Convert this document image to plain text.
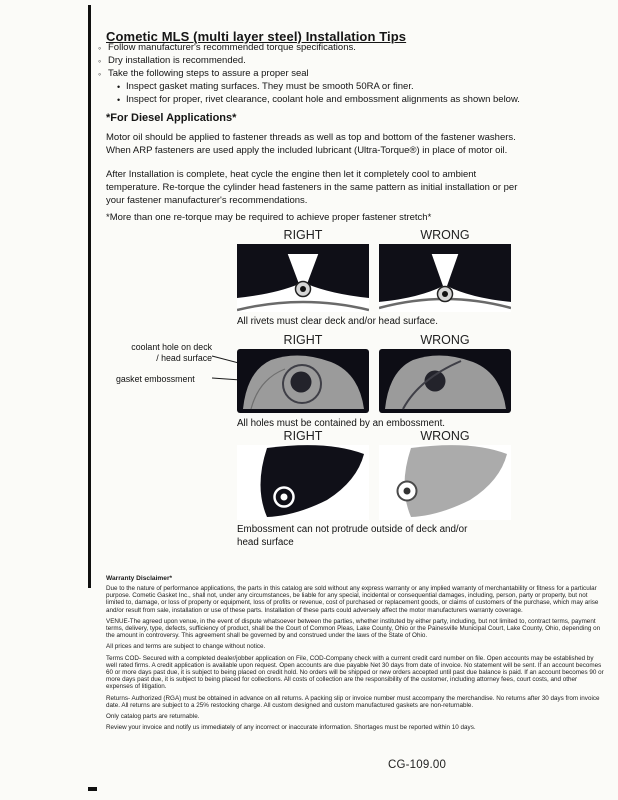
Cometic MLS (multi layer steel) Installation Tips
◦ Follow manufacturer's recommended torque specifications.
◦ Dry installation is recommended.
◦ Take the following steps to assure a proper seal
• Inspect gasket mating surfaces. They must be smooth 50RA or finer.
• Inspect for proper, rivet clearance, coolant hole and embossment alignments as shown below.
*For Diesel Applications*

Motor oil should be applied to fastener threads as well as top and bottom of the fastener washers. When ARP fasteners are used apply the included lubricant (Ultra-Torque®) in place of motor oil.

After Installation is complete, heat cycle the engine then let it completely cool to ambient temperature. Re-torque the cylinder head fasteners in the same pattern as initial installation or per your fastener manufacturer's recommendations.

*More than one re-torque may be required to achieve proper fastener stretch*

RIGHT	WRONG
All rivets must clear deck and/or head surface.
RIGHT	WRONG
coolant hole on deck / head surface
gasket embossment
All holes must be contained by an embossment.
RIGHT	WRONG
Embossment can not protrude outside of deck and/or head surface
Warranty Disclaimer*

Due to the nature of performance applications, the parts in this catalog are sold without any express warranty or any implied warranty of merchantability or fitness for a particular purpose. Cometic Gasket Inc., shall not, under any circumstances, be liable for any special, incidental or consequential damages, including, person, party or property, but not limited to, damage, or loss of property or equipment, loss of profits or revenue, cost of purchased or replacement goods, or claims of customers of the purchase, which may arise and/or result from sale, installation or use of these parts. Installation of these parts could adversely affect the motor manufacturers warranty coverage.

VENUE-The agreed upon venue, in the event of dispute whatsoever between the parties, whether instituted by either party, including, but not limited to, contract terms, payment terms, delivery, type, defects, sufficiency of product, shall be the Court of Common Pleas, Lake County, Ohio or the Painesville Municipal Court, Lake County, Ohio, depending on the amount in controversy. This agreement shall be governed by and construed under the laws of the State of Ohio.

All prices and terms are subject to change without notice.

Terms COD- Secured with a completed dealer/jobber application on File, COD-Company check with a current credit card number on file. Open accounts may be established by well rated firms. A credit application is available upon request. Open accounts are due payable Net 30 days from date of invoice. No statement will be sent. If an account becomes 60 or more days past due, it is subject to being placed on credit hold. No orders will be shipped or new orders accepted until past due balance is paid. If an account becomes 90 or more days past due, it is subject to being placed for collections. All costs of collection are the responsibility of the customer, including attorney fees, court costs, and other expenses of litigation.

Returns- Authorized (RGA) must be obtained in advance on all returns. A packing slip or invoice number must accompany the merchandise. No returns after 30 days from invoice date. All returns are subject to a 25% restocking charge. All custom designed and custom manufactured gaskets are non-returnable.

Only catalog parts are returnable.

Review your invoice and notify us immediately of any incorrect or inaccurate information. Shortages must be reported within 10 days.

CG-109.00
